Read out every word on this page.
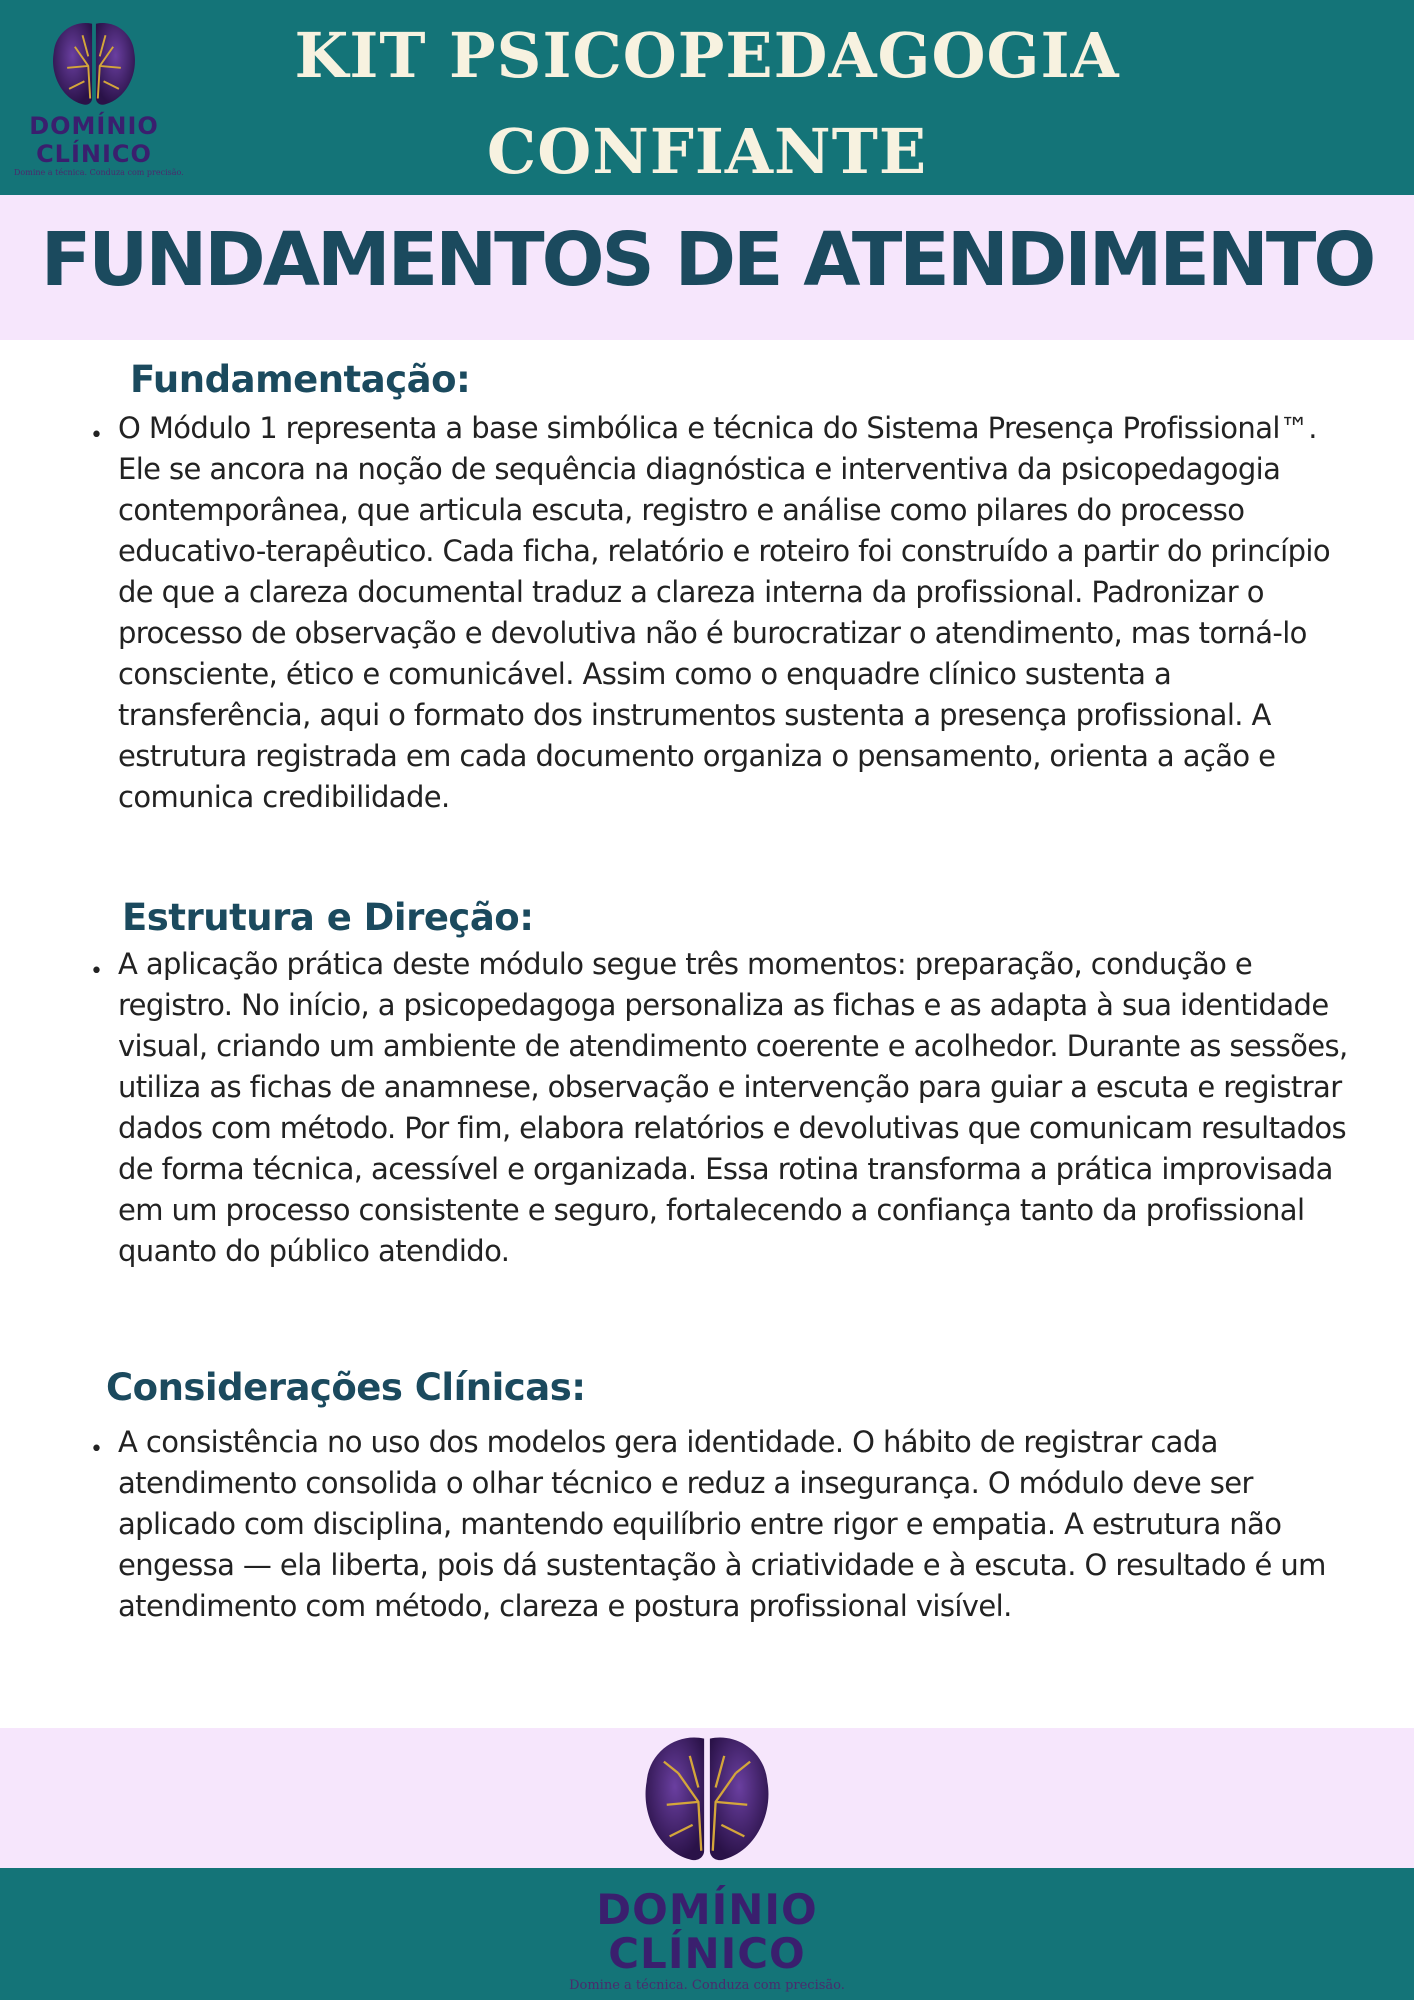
DOMÍNIO
CLÍNICO
Domine a técnica. Conduza com precisão.
KIT PSICOPEDAGOGIA
CONFIANTE
FUNDAMENTOS DE ATENDIMENTO
Fundamentação:
• O Módulo 1 representa a base simbólica e técnica do Sistema Presença Profissional™. Ele se ancora na noção de sequência diagnóstica e interventiva da psicopedagogia contemporânea, que articula escuta, registro e análise como pilares do processo educativo-terapêutico. Cada ficha, relatório e roteiro foi construído a partir do princípio de que a clareza documental traduz a clareza interna da profissional. Padronizar o processo de observação e devolutiva não é burocratizar o atendimento, mas torná-lo consciente, ético e comunicável. Assim como o enquadre clínico sustenta a transferência, aqui o formato dos instrumentos sustenta a presença profissional. A estrutura registrada em cada documento organiza o pensamento, orienta a ação e comunica credibilidade.
Estrutura e Direção:
• A aplicação prática deste módulo segue três momentos: preparação, condução e registro. No início, a psicopedagoga personaliza as fichas e as adapta à sua identidade visual, criando um ambiente de atendimento coerente e acolhedor. Durante as sessões, utiliza as fichas de anamnese, observação e intervenção para guiar a escuta e registrar dados com método. Por fim, elabora relatórios e devolutivas que comunicam resultados de forma técnica, acessível e organizada. Essa rotina transforma a prática improvisada em um processo consistente e seguro, fortalecendo a confiança tanto da profissional quanto do público atendido.
Considerações Clínicas:
• A consistência no uso dos modelos gera identidade. O hábito de registrar cada atendimento consolida o olhar técnico e reduz a insegurança. O módulo deve ser aplicado com disciplina, mantendo equilíbrio entre rigor e empatia. A estrutura não engessa — ela liberta, pois dá sustentação à criatividade e à escuta. O resultado é um atendimento com método, clareza e postura profissional visível.
DOMÍNIO
CLÍNICO
Domine a técnica. Conduza com precisão.
